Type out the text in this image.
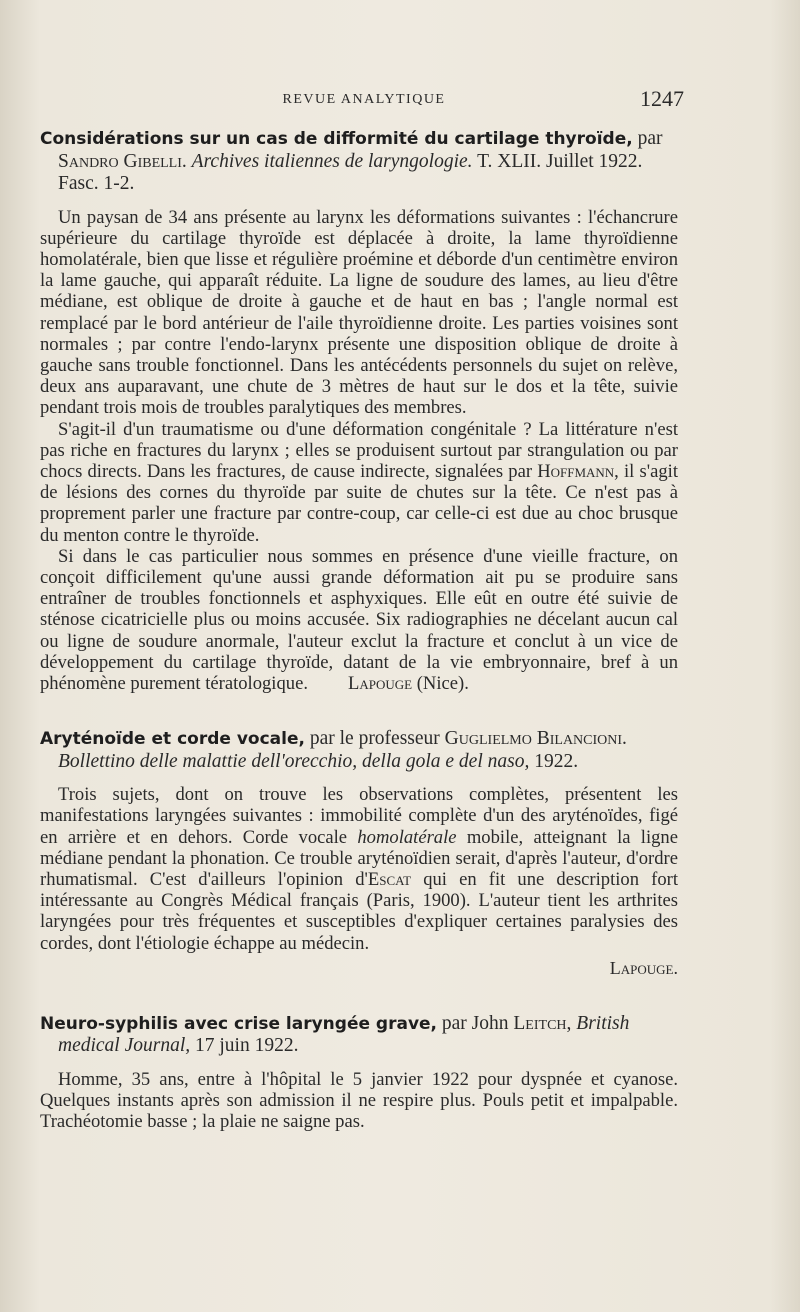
REVUE ANALYTIQUE	1247
Considérations sur un cas de difformité du cartilage thyroïde, par Sandro Gibelli. Archives italiennes de laryngologie. T. XLII. Juillet 1922. Fasc. 1-2.

Un paysan de 34 ans présente au larynx les déformations suivantes : l'échancrure supérieure du cartilage thyroïde est déplacée à droite, la lame thyroïdienne homolatérale, bien que lisse et régulière proémine et déborde d'un centimètre environ la lame gauche, qui apparaît réduite. La ligne de soudure des lames, au lieu d'être médiane, est oblique de droite à gauche et de haut en bas ; l'angle normal est remplacé par le bord antérieur de l'aile thyroïdienne droite. Les parties voisines sont normales ; par contre l'endo-larynx présente une disposition oblique de droite à gauche sans trouble fonctionnel. Dans les antécédents personnels du sujet on relève, deux ans auparavant, une chute de 3 mètres de haut sur le dos et la tête, suivie pendant trois mois de troubles paralytiques des membres.

S'agit-il d'un traumatisme ou d'une déformation congénitale ? La littérature n'est pas riche en fractures du larynx ; elles se produisent surtout par strangulation ou par chocs directs. Dans les fractures, de cause indirecte, signalées par Hoffmann, il s'agit de lésions des cornes du thyroïde par suite de chutes sur la tête. Ce n'est pas à proprement parler une fracture par contre-coup, car celle-ci est due au choc brusque du menton contre le thyroïde.

Si dans le cas particulier nous sommes en présence d'une vieille fracture, on conçoit difficilement qu'une aussi grande déformation ait pu se produire sans entraîner de troubles fonctionnels et asphyxiques. Elle eût en outre été suivie de sténose cicatricielle plus ou moins accusée. Six radiographies ne décelant aucun cal ou ligne de soudure anormale, l'auteur exclut la fracture et conclut à un vice de développement du cartilage thyroïde, datant de la vie embryonnaire, bref à un phénomène purement tératologique. Lapouge (Nice).

Aryténoïde et corde vocale, par le professeur Guglielmo Bilancioni. Bollettino delle malattie dell'orecchio, della gola e del naso, 1922.

Trois sujets, dont on trouve les observations complètes, présentent les manifestations laryngées suivantes : immobilité complète d'un des aryténoïdes, figé en arrière et en dehors. Corde vocale homolatérale mobile, atteignant la ligne médiane pendant la phonation. Ce trouble aryténoïdien serait, d'après l'auteur, d'ordre rhumatismal. C'est d'ailleurs l'opinion d'Escat qui en fit une description fort intéressante au Congrès Médical français (Paris, 1900). L'auteur tient les arthrites laryngées pour très fréquentes et susceptibles d'expliquer certaines paralysies des cordes, dont l'étiologie échappe au médecin.

Lapouge.
Neuro-syphilis avec crise laryngée grave, par John Leitch, British medical Journal, 17 juin 1922.

Homme, 35 ans, entre à l'hôpital le 5 janvier 1922 pour dyspnée et cyanose. Quelques instants après son admission il ne respire plus. Pouls petit et impalpable. Trachéotomie basse ; la plaie ne saigne pas.
